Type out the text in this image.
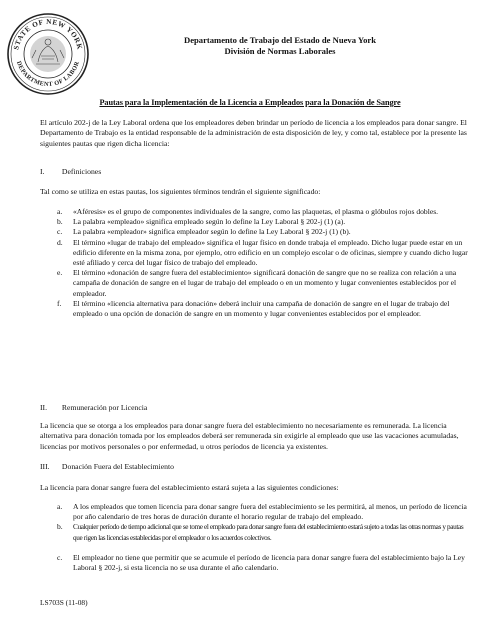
STATE OF NEW YORK
DEPARTMENT OF LABOR
Departamento de Trabajo del Estado de Nueva York
División de Normas Laborales
Pautas para la Implementación de la Licencia a Empleados para la Donación de Sangre
El artículo 202-j de la Ley Laboral ordena que los empleadores deben brindar un período de licencia a los empleados para donar sangre. El Departamento de Trabajo es la entidad responsable de la administración de esta disposición de ley, y como tal, establece por la presente las siguientes pautas que rigen dicha licencia:
I. Definiciones
Tal como se utiliza en estas pautas, los siguientes términos tendrán el siguiente significado:
a.	«Aféresis» es el grupo de componentes individuales de la sangre, como las plaquetas, el plasma o glóbulos rojos dobles.
b.	La palabra «empleado» significa empleado según lo define la Ley Laboral § 202-j (1) (a).
c.	La palabra «empleador» significa empleador según lo define la Ley Laboral § 202-j (1) (b).
d.	El término «lugar de trabajo del empleado» significa el lugar físico en donde trabaja el empleado. Dicho lugar puede estar en un edificio diferente en la misma zona, por ejemplo, otro edificio en un complejo escolar o de oficinas, siempre y cuando dicho lugar esté afiliado y cerca del lugar físico de trabajo del empleado.
e.	El término «donación de sangre fuera del establecimiento» significará donación de sangre que no se realiza con relación a una campaña de donación de sangre en el lugar de trabajo del empleado o en un momento y lugar convenientes establecidos por el empleador.
f.	El término «licencia alternativa para donación» deberá incluir una campaña de donación de sangre en el lugar de trabajo del empleado o una opción de donación de sangre en un momento y lugar convenientes establecidos por el empleador.
II. Remuneración por Licencia
La licencia que se otorga a los empleados para donar sangre fuera del establecimiento no necesariamente es remunerada. La licencia alternativa para donación tomada por los empleados deberá ser remunerada sin exigirle al empleado que use las vacaciones acumuladas, licencias por motivos personales o por enfermedad, u otros períodos de licencia ya existentes.
III. Donación Fuera del Establecimiento
La licencia para donar sangre fuera del establecimiento estará sujeta a las siguientes condiciones:
a.	A los empleados que tomen licencia para donar sangre fuera del establecimiento se les permitirá, al menos, un período de licencia por año calendario de tres horas de duración durante el horario regular de trabajo del empleado.
b.	Cualquier período de tiempo adicional que se tome el empleado para donar sangre fuera del establecimiento estará sujeto a todas las otras normas y pautas que rigen las licencias establecidas por el empleador o los acuerdos colectivos.
c.	El empleador no tiene que permitir que se acumule el período de licencia para donar sangre fuera del establecimiento bajo la Ley Laboral § 202-j, si esta licencia no se usa durante el año calendario.
LS703S (11-08)
